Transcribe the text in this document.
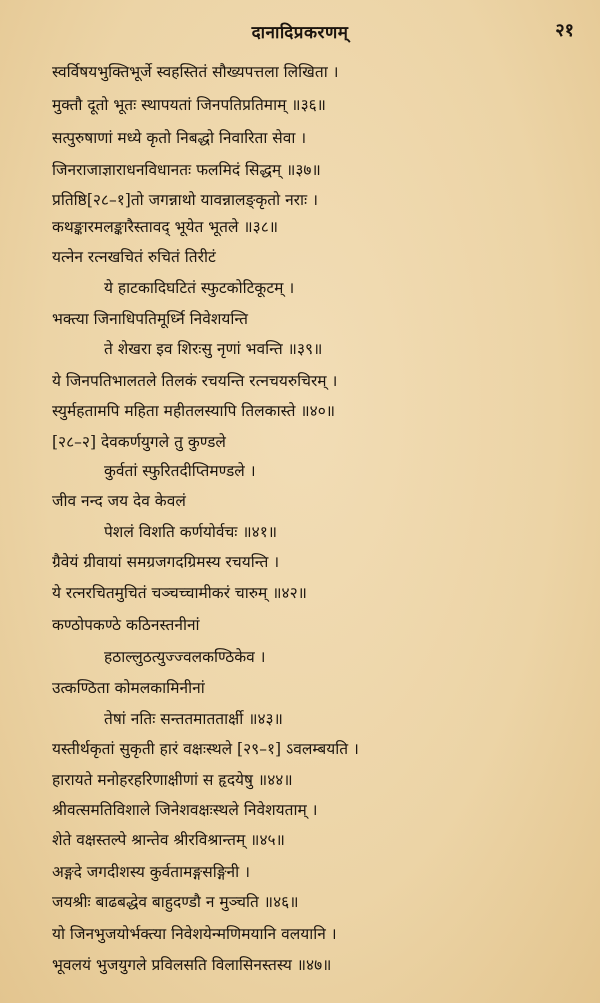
दानादिप्रकरणम्	२१
स्वर्विषयभुक्तिभूर्जे स्वहस्तितं सौख्यपत्तला लिखिता ।
मुक्तौ दूतो भूतः स्थापयतां जिनपतिप्रतिमाम् ॥३६॥
सत्पुरुषाणां मध्ये कृतो निबद्धो निवारिता सेवा ।
जिनराजाज्ञाराधनविधानतः फलमिदं सिद्धम् ॥३७॥
प्रतिष्ठि[२८–१]तो जगन्नाथो यावन्नालङ्कृतो नराः ।
कथङ्कारमलङ्कारैस्तावद् भूयेत भूतले ॥३८॥
यत्नेन रत्नखचितं रुचितं तिरीटं
ये हाटकादिघटितं स्फुटकोटिकूटम् ।
भक्त्या जिनाधिपतिमूर्ध्नि निवेशयन्ति
ते शेखरा इव शिरःसु नृणां भवन्ति ॥३९॥
ये जिनपतिभालतले तिलकं रचयन्ति रत्नचयरुचिरम् ।
स्युर्महतामपि महिता महीतलस्यापि तिलकास्ते ॥४०॥
[२८–२] देवकर्णयुगले तु कुण्डले
कुर्वतां स्फुरितदीप्तिमण्डले ।
जीव नन्द जय देव केवलं
पेशलं विशति कर्णयोर्वचः ॥४१॥
ग्रैवेयं ग्रीवायां समग्रजगदग्रिमस्य रचयन्ति ।
ये रत्नरचितमुचितं चञ्चच्चामीकरं चारुम् ॥४२॥
कण्ठोपकण्ठे कठिनस्तनीनां
हठाल्लुठत्युज्ज्वलकण्ठिकेव ।
उत्कण्ठिता कोमलकामिनीनां
तेषां नतिः सन्ततमाततार्क्षी ॥४३॥
यस्तीर्थकृतां सुकृती हारं वक्षःस्थले [२९–१] ऽवलम्बयति ।
हारायते मनोहरहरिणाक्षीणां स हृदयेषु ॥४४॥
श्रीवत्समतिविशाले जिनेशवक्षःस्थले निवेशयताम् ।
शेते वक्षस्तल्पे श्रान्तेव श्रीरविश्रान्तम् ॥४५॥
अङ्गदे जगदीशस्य कुर्वतामङ्गसङ्गिनी ।
जयश्रीः बाढबद्धेव बाहुदण्डौ न मुञ्चति ॥४६॥
यो जिनभुजयोर्भक्त्या निवेशयेन्मणिमयानि वलयानि ।
भूवलयं भुजयुगले प्रविलसति विलासिनस्तस्य ॥४७॥
